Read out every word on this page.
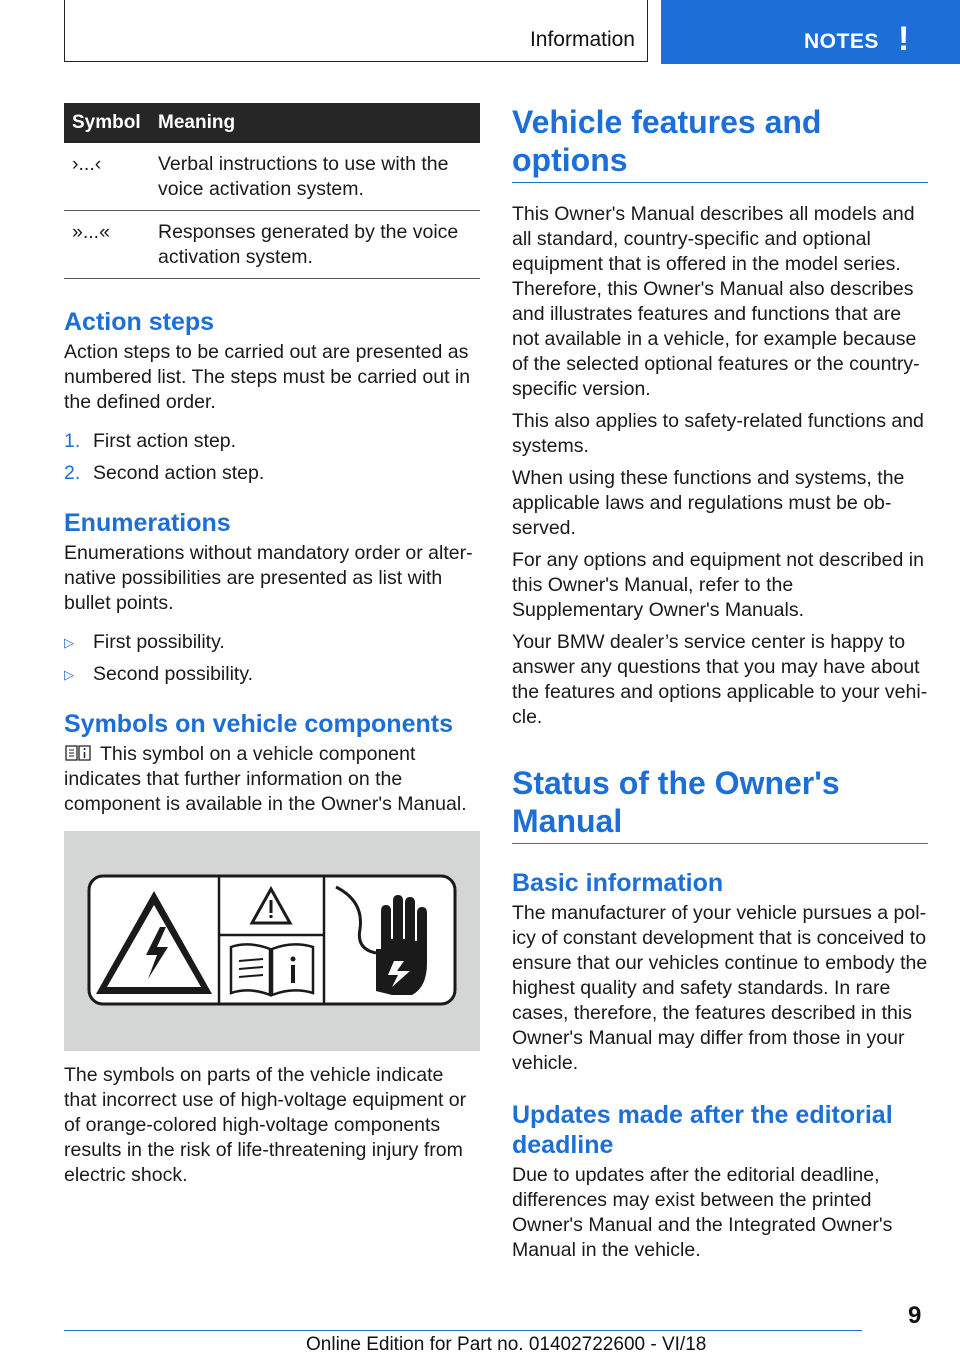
Information	NOTES !
Symbol	Meaning
›...‹	Verbal instructions to use with the voice activation system.
»...«	Responses generated by the voice activation system.
Action steps

Action steps to be carried out are presented as numbered list. The steps must be carried out in the defined order.

1. First action step.
2. Second action step.
Enumerations

Enumerations without mandatory order or alternative possibilities are presented as list with bullet points.

▷ First possibility.
▷ Second possibility.
Symbols on vehicle components

This symbol on a vehicle component indicates that further information on the component is available in the Owner's Manual.

The symbols on parts of the vehicle indicate that incorrect use of high-voltage equipment or of orange-colored high-voltage components results in the risk of life-threatening injury from electric shock.

Vehicle features and options

This Owner's Manual describes all models and all standard, country-specific and optional equipment that is offered in the model series. Therefore, this Owner's Manual also describes and illustrates features and functions that are not available in a vehicle, for example because of the selected optional features or the country-specific version.

This also applies to safety-related functions and systems.

When using these functions and systems, the applicable laws and regulations must be observed.

For any options and equipment not described in this Owner's Manual, refer to the Supplementary Owner's Manuals.

Your BMW dealer’s service center is happy to answer any questions that you may have about the features and options applicable to your vehicle.

Status of the Owner's Manual
Basic information

The manufacturer of your vehicle pursues a policy of constant development that is conceived to ensure that our vehicles continue to embody the highest quality and safety standards. In rare cases, therefore, the features described in this Owner's Manual may differ from those in your vehicle.

Updates made after the editorial deadline

Due to updates after the editorial deadline, differences may exist between the printed Owner's Manual and the Integrated Owner's Manual in the vehicle.

9
Online Edition for Part no. 01402722600 - VI/18
